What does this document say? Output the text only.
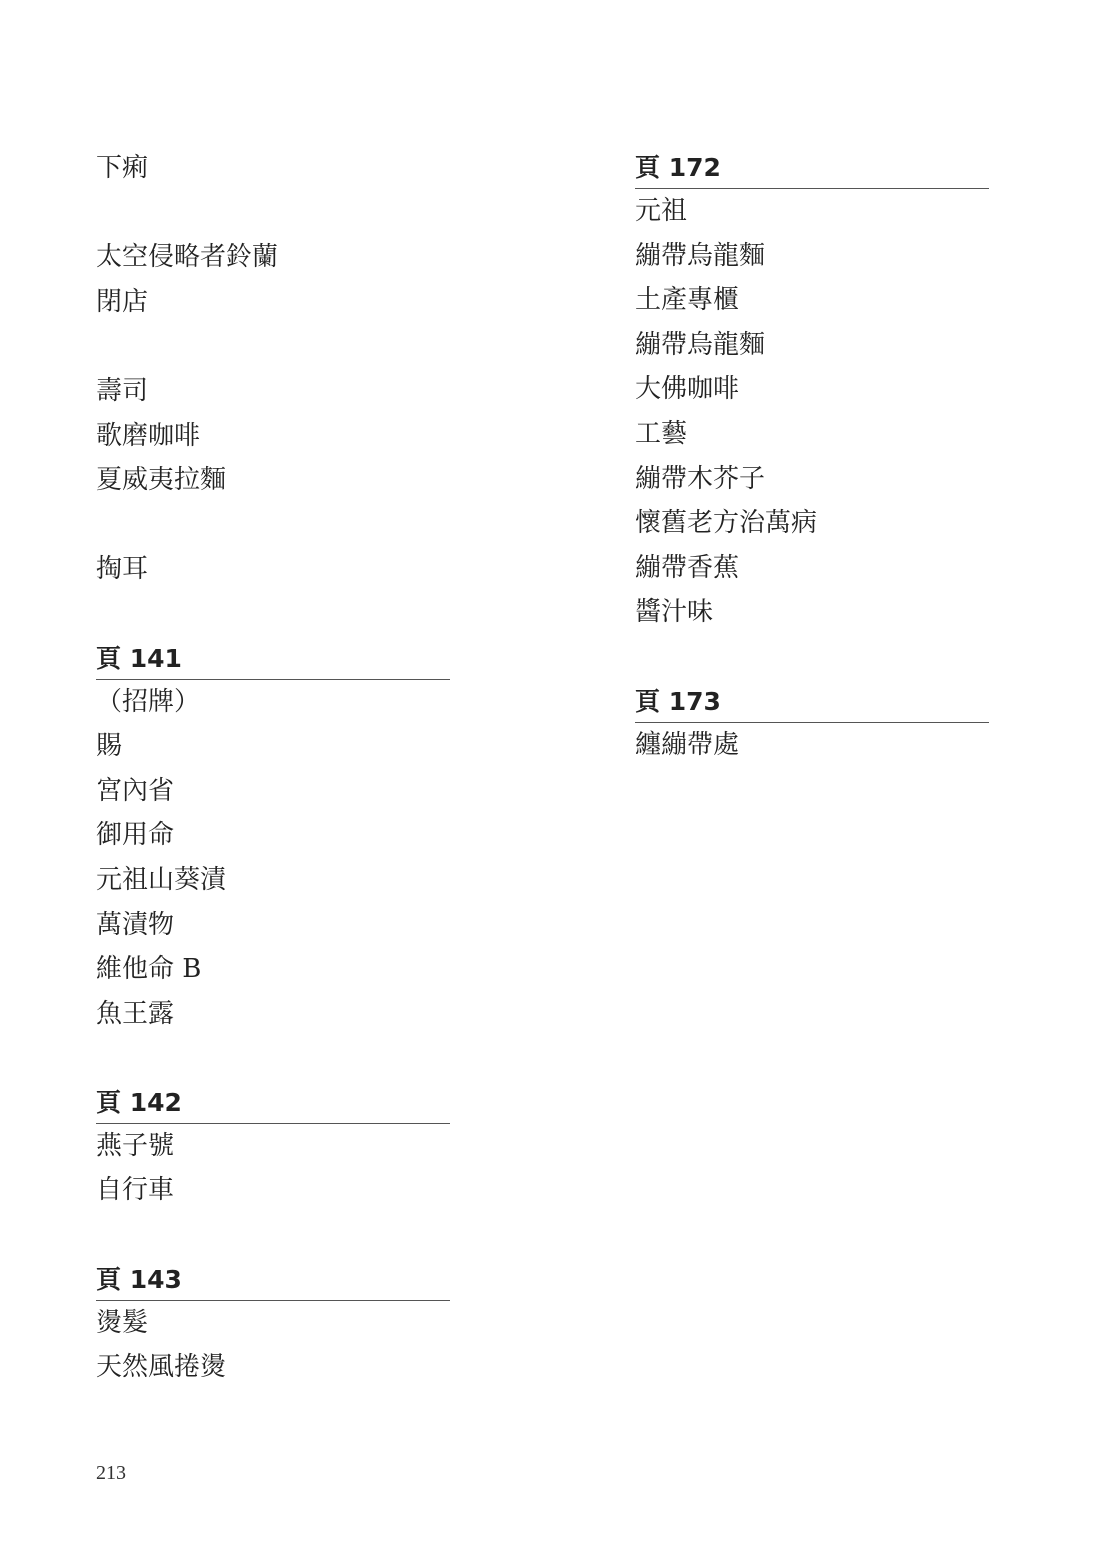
下痢
太空侵略者鈴蘭
閉店
壽司
歌磨咖啡
夏威夷拉麵
掏耳
頁 141
（招牌）
賜
宮內省
御用命
元祖山葵漬
萬漬物
維他命 B
魚王露
頁 142
燕子號
自行車
頁 143
燙髮
天然風捲燙
頁 172
元祖
繃帶烏龍麵
土產專櫃
繃帶烏龍麵
大佛咖啡
工藝
繃帶木芥子
懷舊老方治萬病
繃帶香蕉
醬汁味
頁 173
纏繃帶處
213
